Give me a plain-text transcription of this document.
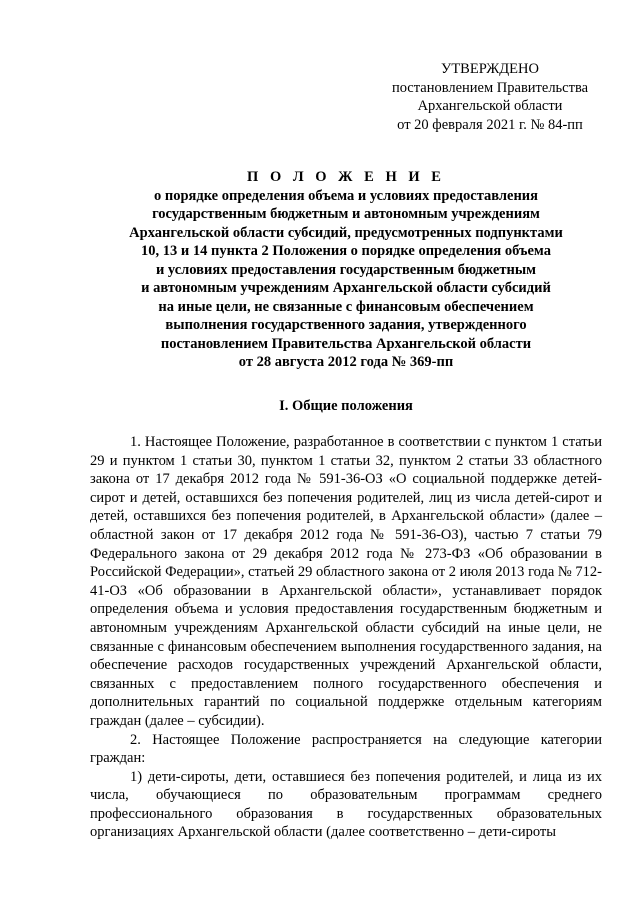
УТВЕРЖДЕНО
постановлением Правительства
Архангельской области
от 20 февраля 2021 г. № 84-пп
П О Л О Ж Е Н И Е
о порядке определения объема и условиях предоставления
государственным бюджетным и автономным учреждениям
Архангельской области субсидий, предусмотренных подпунктами
10, 13 и 14 пункта 2 Положения о порядке определения объема
и условиях предоставления государственным бюджетным
и автономным учреждениям Архангельской области субсидий
на иные цели, не связанные с финансовым обеспечением
выполнения государственного задания, утвержденного
постановлением Правительства Архангельской области
от 28 августа 2012 года № 369-пп
I. Общие положения

1. Настоящее Положение, разработанное в соответствии с пунктом 1 статьи 29 и пунктом 1 статьи 30, пунктом 1 статьи 32, пунктом 2 статьи 33 областного закона от 17 декабря 2012 года № 591-36-ОЗ «О социальной поддержке детей-сирот и детей, оставшихся без попечения родителей, лиц из числа детей-сирот и детей, оставшихся без попечения родителей, в Архангельской области» (далее – областной закон от 17 декабря 2012 года № 591-36-ОЗ), частью 7 статьи 79 Федерального закона от 29 декабря 2012 года № 273-ФЗ «Об образовании в Российской Федерации», статьей 29 областного закона от 2 июля 2013 года № 712-41-ОЗ «Об образовании в Архангельской области», устанавливает порядок определения объема и условия предоставления государственным бюджетным и автономным учреждениям Архангельской области субсидий на иные цели, не связанные с финансовым обеспечением выполнения государственного задания, на обеспечение расходов государственных учреждений Архангельской области, связанных с предоставлением полного государственного обеспечения и дополнительных гарантий по социальной поддержке отдельным категориям граждан (далее – субсидии).

2. Настоящее Положение распространяется на следующие категории граждан:

1) дети-сироты, дети, оставшиеся без попечения родителей, и лица из их числа, обучающиеся по образовательным программам среднего профессионального образования в государственных образовательных организациях Архангельской области (далее соответственно – дети-сироты
